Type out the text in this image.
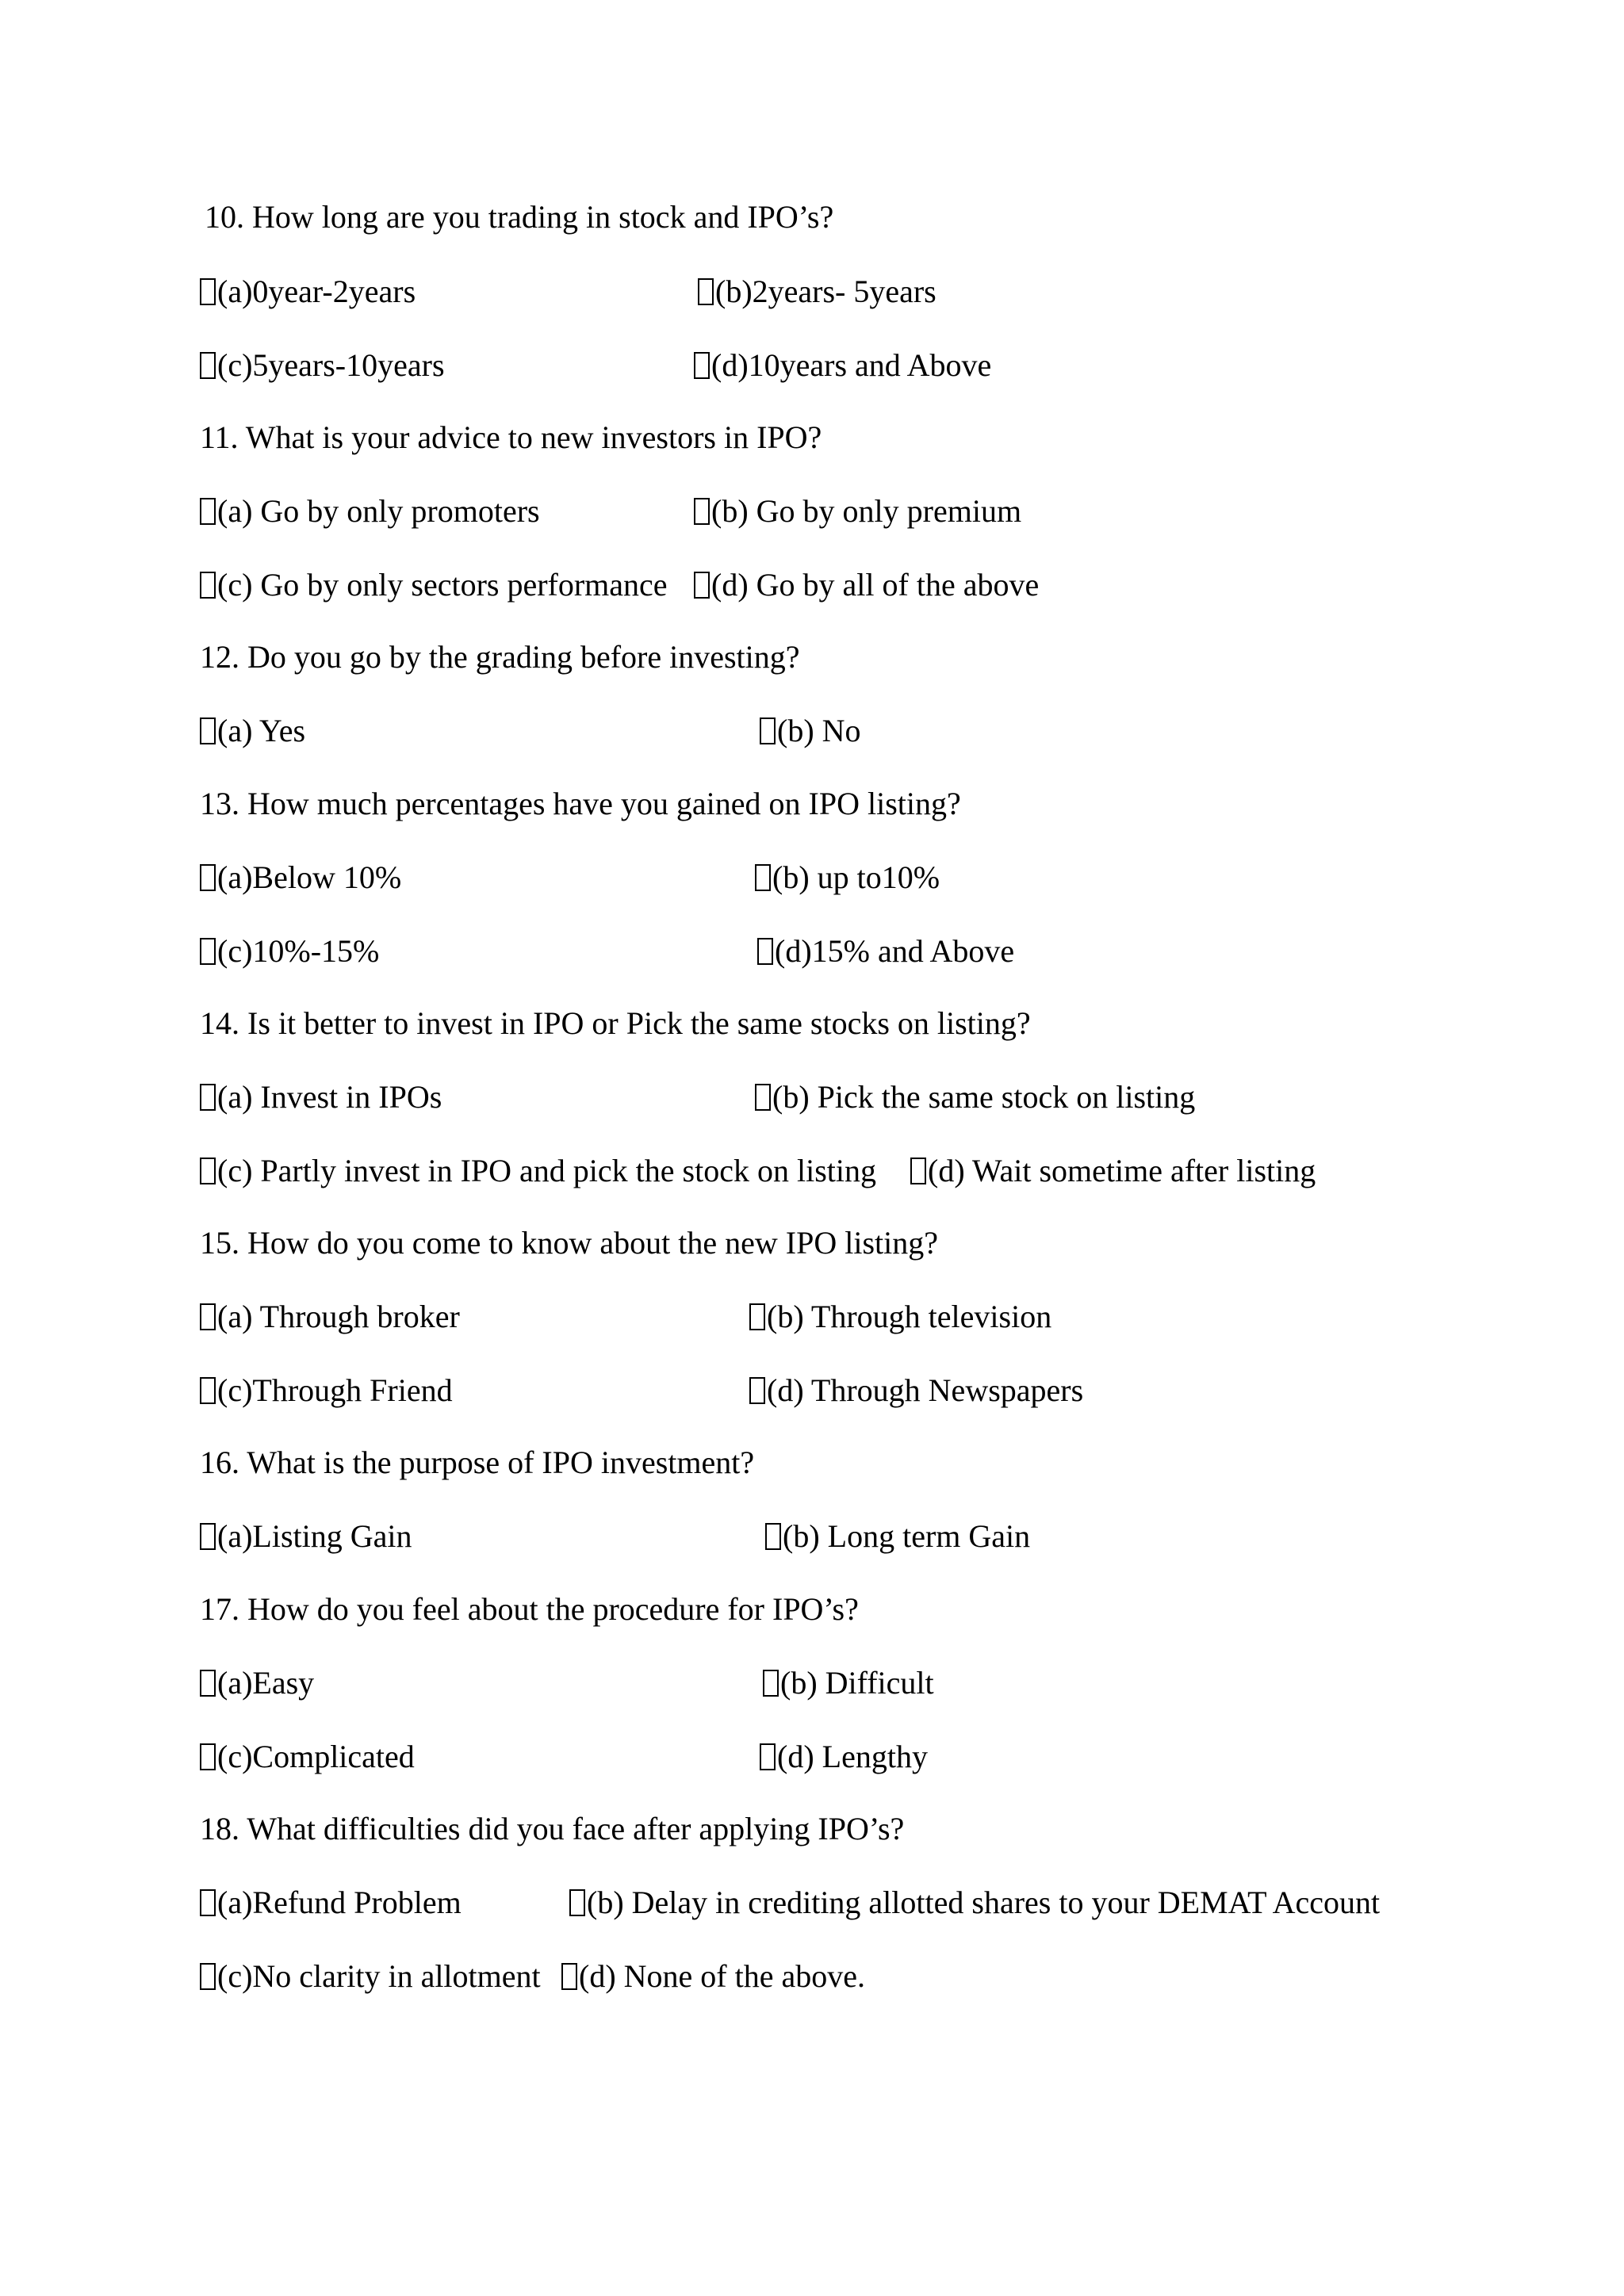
10. How long are you trading in stock and IPO’s?
(a)0year-2years	(b)2years- 5years
(c)5years-10years	(d)10years and Above
11. What is your advice to new investors in IPO?
(a) Go by only promoters	(b) Go by only premium
(c) Go by only sectors performance (d) Go by all of the above
12. Do you go by the grading before investing?
(a) Yes	(b) No
13. How much percentages have you gained on IPO listing?
(a)Below 10%	(b) up to10%
(c)10%-15%	(d)15% and Above
14. Is it better to invest in IPO or Pick the same stocks on listing?
(a) Invest in IPOs	(b) Pick the same stock on listing
(c) Partly invest in IPO and pick the stock on listing (d) Wait sometime after listing
15. How do you come to know about the new IPO listing?
(a) Through broker	(b) Through television
(c)Through Friend	(d) Through Newspapers
16. What is the purpose of IPO investment?
(a)Listing Gain	(b) Long term Gain
17. How do you feel about the procedure for IPO’s?
(a)Easy	(b) Difficult
(c)Complicated	(d) Lengthy
18. What difficulties did you face after applying IPO’s?
(a)Refund Problem	(b) Delay in crediting allotted shares to your DEMAT Account
(c)No clarity in allotment (d) None of the above.
